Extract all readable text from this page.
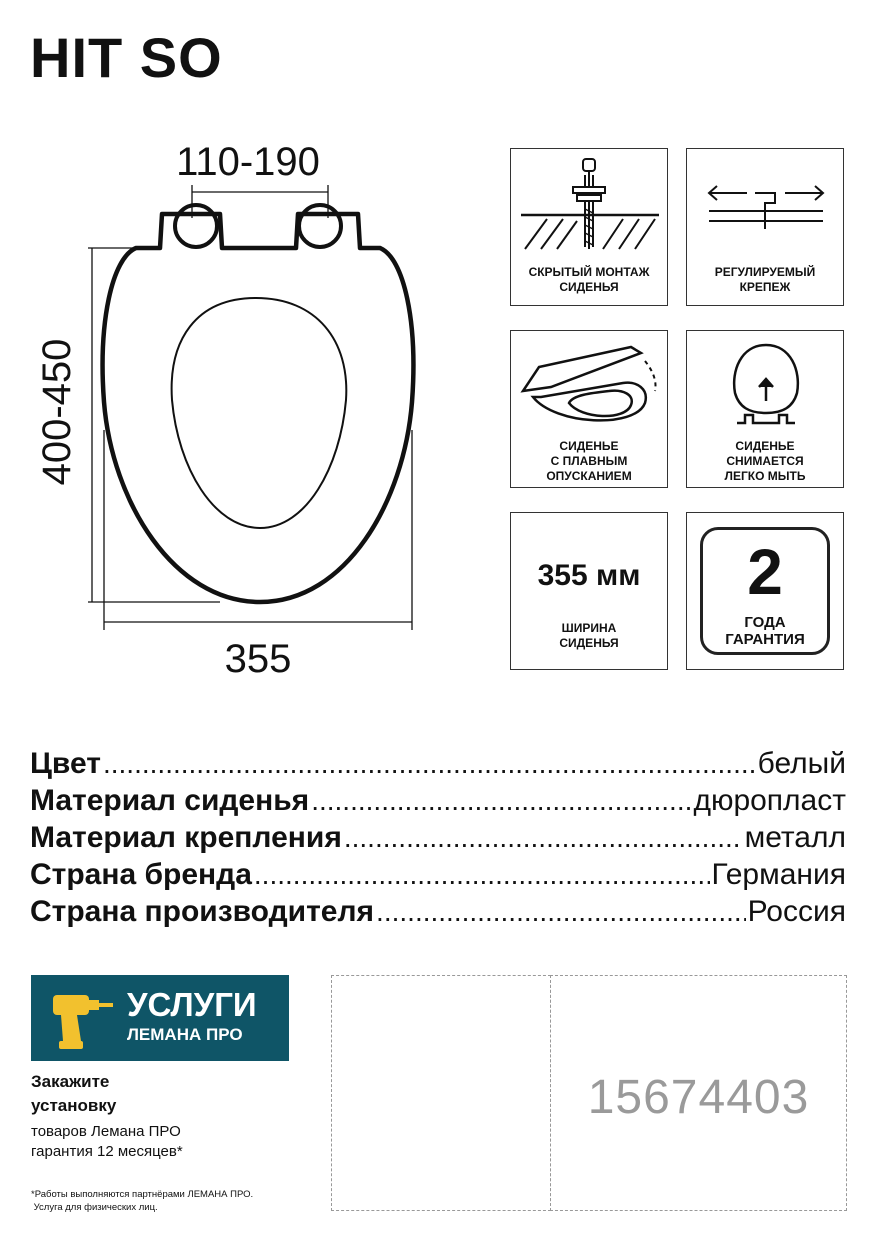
HIT SO
110-190
400-450
355
СКРЫТЫЙ МОНТАЖ
СИДЕНЬЯ
РЕГУЛИРУЕМЫЙ
КРЕПЕЖ
СИДЕНЬЕ
С ПЛАВНЫМ
ОПУСКАНИЕМ
СИДЕНЬЕ
СНИМАЕТСЯ
ЛЕГКО МЫТЬ
355 мм
ШИРИНА
СИДЕНЬЯ
2
ГОДА
ГАРАНТИЯ
Цвет .....	белый
Материал сиденья .....	дюропласт
Материал крепления .....	металл
Страна бренда .....	Германия
Страна производителя .....	Россия
УСЛУГИ
ЛЕМАНА ПРО
Закажите
установку
товаров Лемана ПРО
гарантия 12 месяцев*
*Работы выполняются партнёрами ЛЕМАНА ПРО.
Услуга для физических лиц.
15674403
